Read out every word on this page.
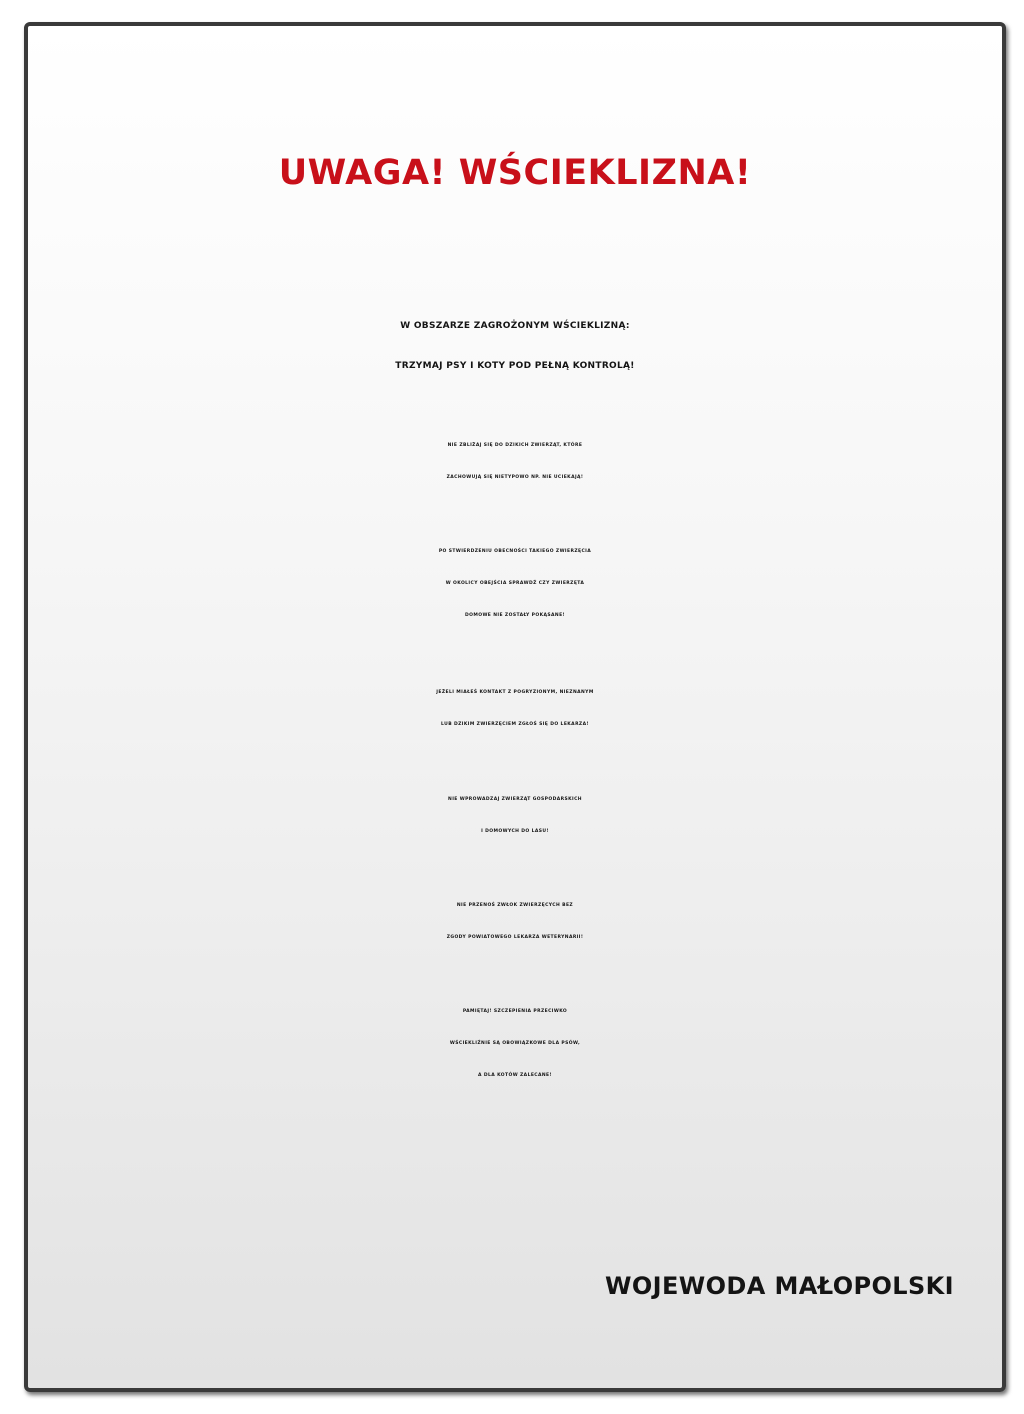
UWAGA! WŚCIEKLIZNA!
W OBSZARZE ZAGROŻONYM WŚCIEKLIZNĄ:
TRZYMAJ PSY I KOTY POD PEŁNĄ KONTROLĄ!
NIE ZBLIŻAJ SIĘ DO DZIKICH ZWIERZĄT, KTÓRE
ZACHOWUJĄ SIĘ NIETYPOWO NP. NIE UCIEKAJĄ!
PO STWIERDZENIU OBECNOŚCI TAKIEGO ZWIERZĘCIA
W OKOLICY OBEJŚCIA SPRAWDŹ CZY ZWIERZĘTA
DOMOWE NIE ZOSTAŁY POKĄSANE!
JEŻELI MIAŁEŚ KONTAKT Z POGRYZIONYM, NIEZNANYM
LUB DZIKIM ZWIERZĘCIEM ZGŁOŚ SIĘ DO LEKARZA!
NIE WPROWADZAJ ZWIERZĄT GOSPODARSKICH
I DOMOWYCH DO LASU!
NIE PRZENOŚ ZWŁOK ZWIERZĘCYCH BEZ
ZGODY POWIATOWEGO LEKARZA WETERYNARII!
PAMIĘTAJ! SZCZEPIENIA PRZECIWKO
WŚCIEKLIŹNIE SĄ OBOWIĄZKOWE DLA PSÓW,
A DLA KOTÓW ZALECANE!
WOJEWODA MAŁOPOLSKI
